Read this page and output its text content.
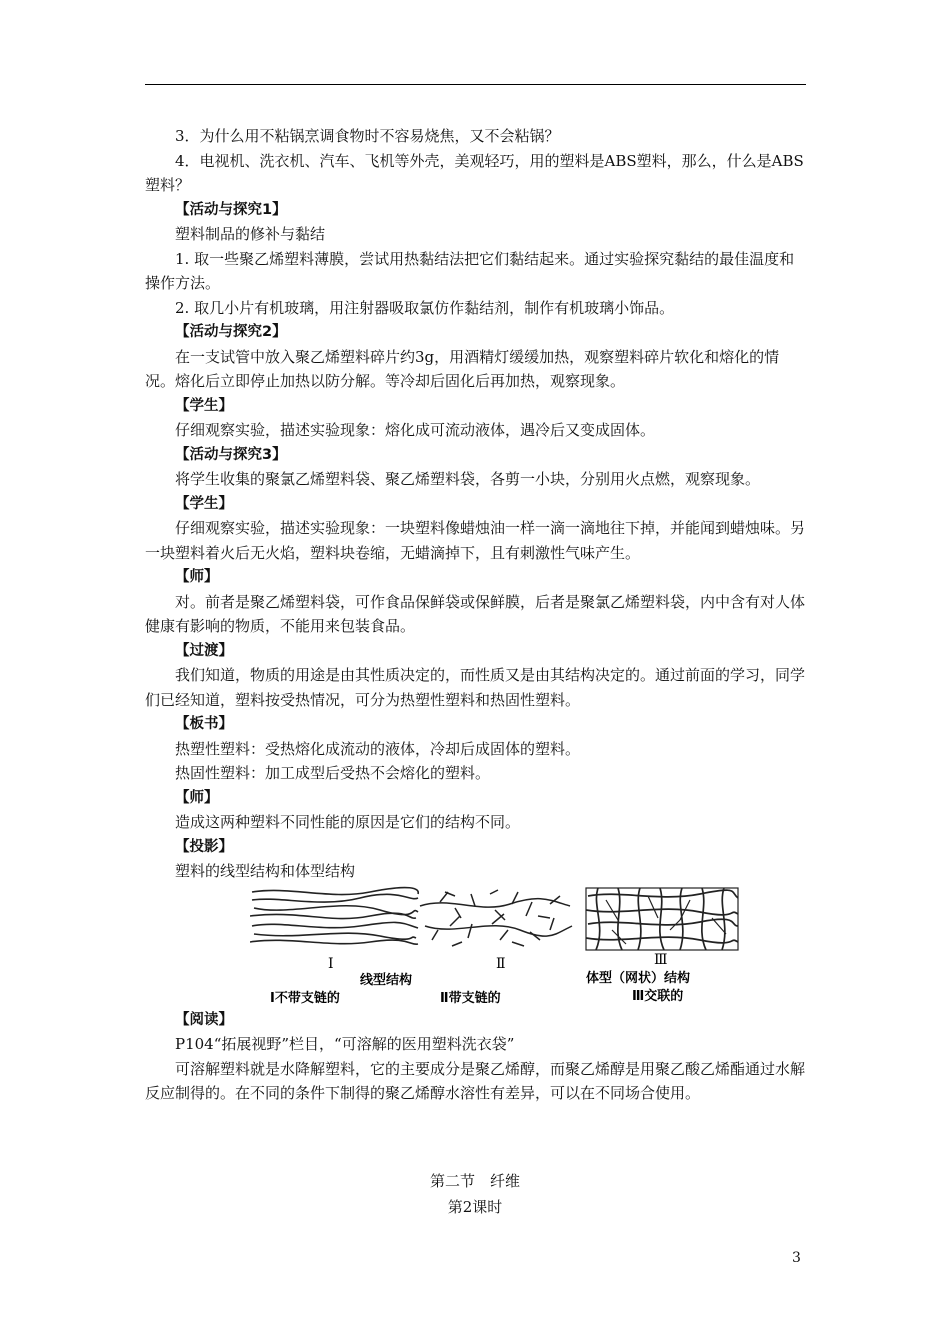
3．为什么用不粘锅烹调食物时不容易烧焦，又不会粘锅？

4．电视机、洗衣机、汽车、飞机等外壳，美观轻巧，用的塑料是ABS塑料，那么，什么是ABS塑料？

【活动与探究1】

塑料制品的修补与黏结

1. 取一些聚乙烯塑料薄膜，尝试用热黏结法把它们黏结起来。通过实验探究黏结的最佳温度和操作方法。

2. 取几小片有机玻璃，用注射器吸取氯仿作黏结剂，制作有机玻璃小饰品。

【活动与探究2】

在一支试管中放入聚乙烯塑料碎片约3g，用酒精灯缓缓加热，观察塑料碎片软化和熔化的情况。熔化后立即停止加热以防分解。等冷却后固化后再加热，观察现象。

【学生】

仔细观察实验，描述实验现象：熔化成可流动液体，遇冷后又变成固体。

【活动与探究3】

将学生收集的聚氯乙烯塑料袋、聚乙烯塑料袋，各剪一小块，分别用火点燃，观察现象。

【学生】

仔细观察实验，描述实验现象：一块塑料像蜡烛油一样一滴一滴地往下掉，并能闻到蜡烛味。另一块塑料着火后无火焰，塑料块卷缩，无蜡滴掉下，且有刺激性气味产生。

【师】

对。前者是聚乙烯塑料袋，可作食品保鲜袋或保鲜膜，后者是聚氯乙烯塑料袋，内中含有对人体健康有影响的物质，不能用来包装食品。

【过渡】

我们知道，物质的用途是由其性质决定的，而性质又是由其结构决定的。通过前面的学习，同学们已经知道，塑料按受热情况，可分为热塑性塑料和热固性塑料。

【板书】

热塑性塑料：受热熔化成流动的液体，冷却后成固体的塑料。

热固性塑料：加工成型后受热不会熔化的塑料。

【师】

造成这两种塑料不同性能的原因是它们的结构不同。

【投影】

塑料的线型结构和体型结构

Ⅰ	Ⅱ	Ⅲ
线型结构	体型（网状）结构
Ⅰ不带支链的	Ⅱ带支链的	Ⅲ交联的

【阅读】

P104“拓展视野”栏目，“可溶解的医用塑料洗衣袋”

可溶解塑料就是水降解塑料，它的主要成分是聚乙烯醇，而聚乙烯醇是用聚乙酸乙烯酯通过水解反应制得的。在不同的条件下制得的聚乙烯醇水溶性有差异，可以在不同场合使用。

第二节　纤维
第2课时
3
